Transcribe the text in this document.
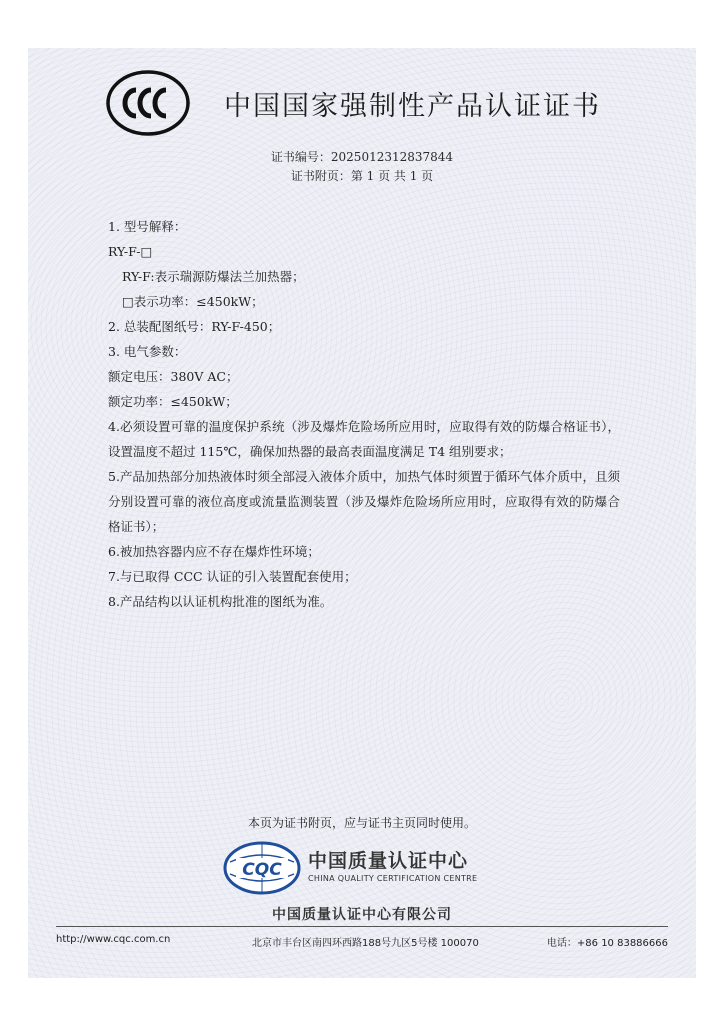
中国国家强制性产品认证证书
证书编号：2025012312837844
证书附页：第 1 页 共 1 页
1. 型号解释：
RY-F-□
RY-F:表示瑞源防爆法兰加热器；
□表示功率：≤450kW；
2. 总装配图纸号：RY-F-450；
3. 电气参数：
额定电压：380V AC；
额定功率：≤450kW；
4.必须设置可靠的温度保护系统（涉及爆炸危险场所应用时，应取得有效的防爆合格证书），设置温度不超过 115℃，确保加热器的最高表面温度满足 T4 组别要求；
5.产品加热部分加热液体时须全部浸入液体介质中，加热气体时须置于循环气体介质中，且须分别设置可靠的液位高度或流量监测装置（涉及爆炸危险场所应用时，应取得有效的防爆合格证书）；
6.被加热容器内应不存在爆炸性环境；
7.与已取得 CCC 认证的引入装置配套使用；
8.产品结构以认证机构批准的图纸为准。
本页为证书附页，应与证书主页同时使用。
CQC 中国质量认证中心
CHINA QUALITY CERTIFICATION CENTRE
中国质量认证中心有限公司
http://www.cqc.com.cn	北京市丰台区南四环西路188号九区5号楼 100070	电话：+86 10 83886666
